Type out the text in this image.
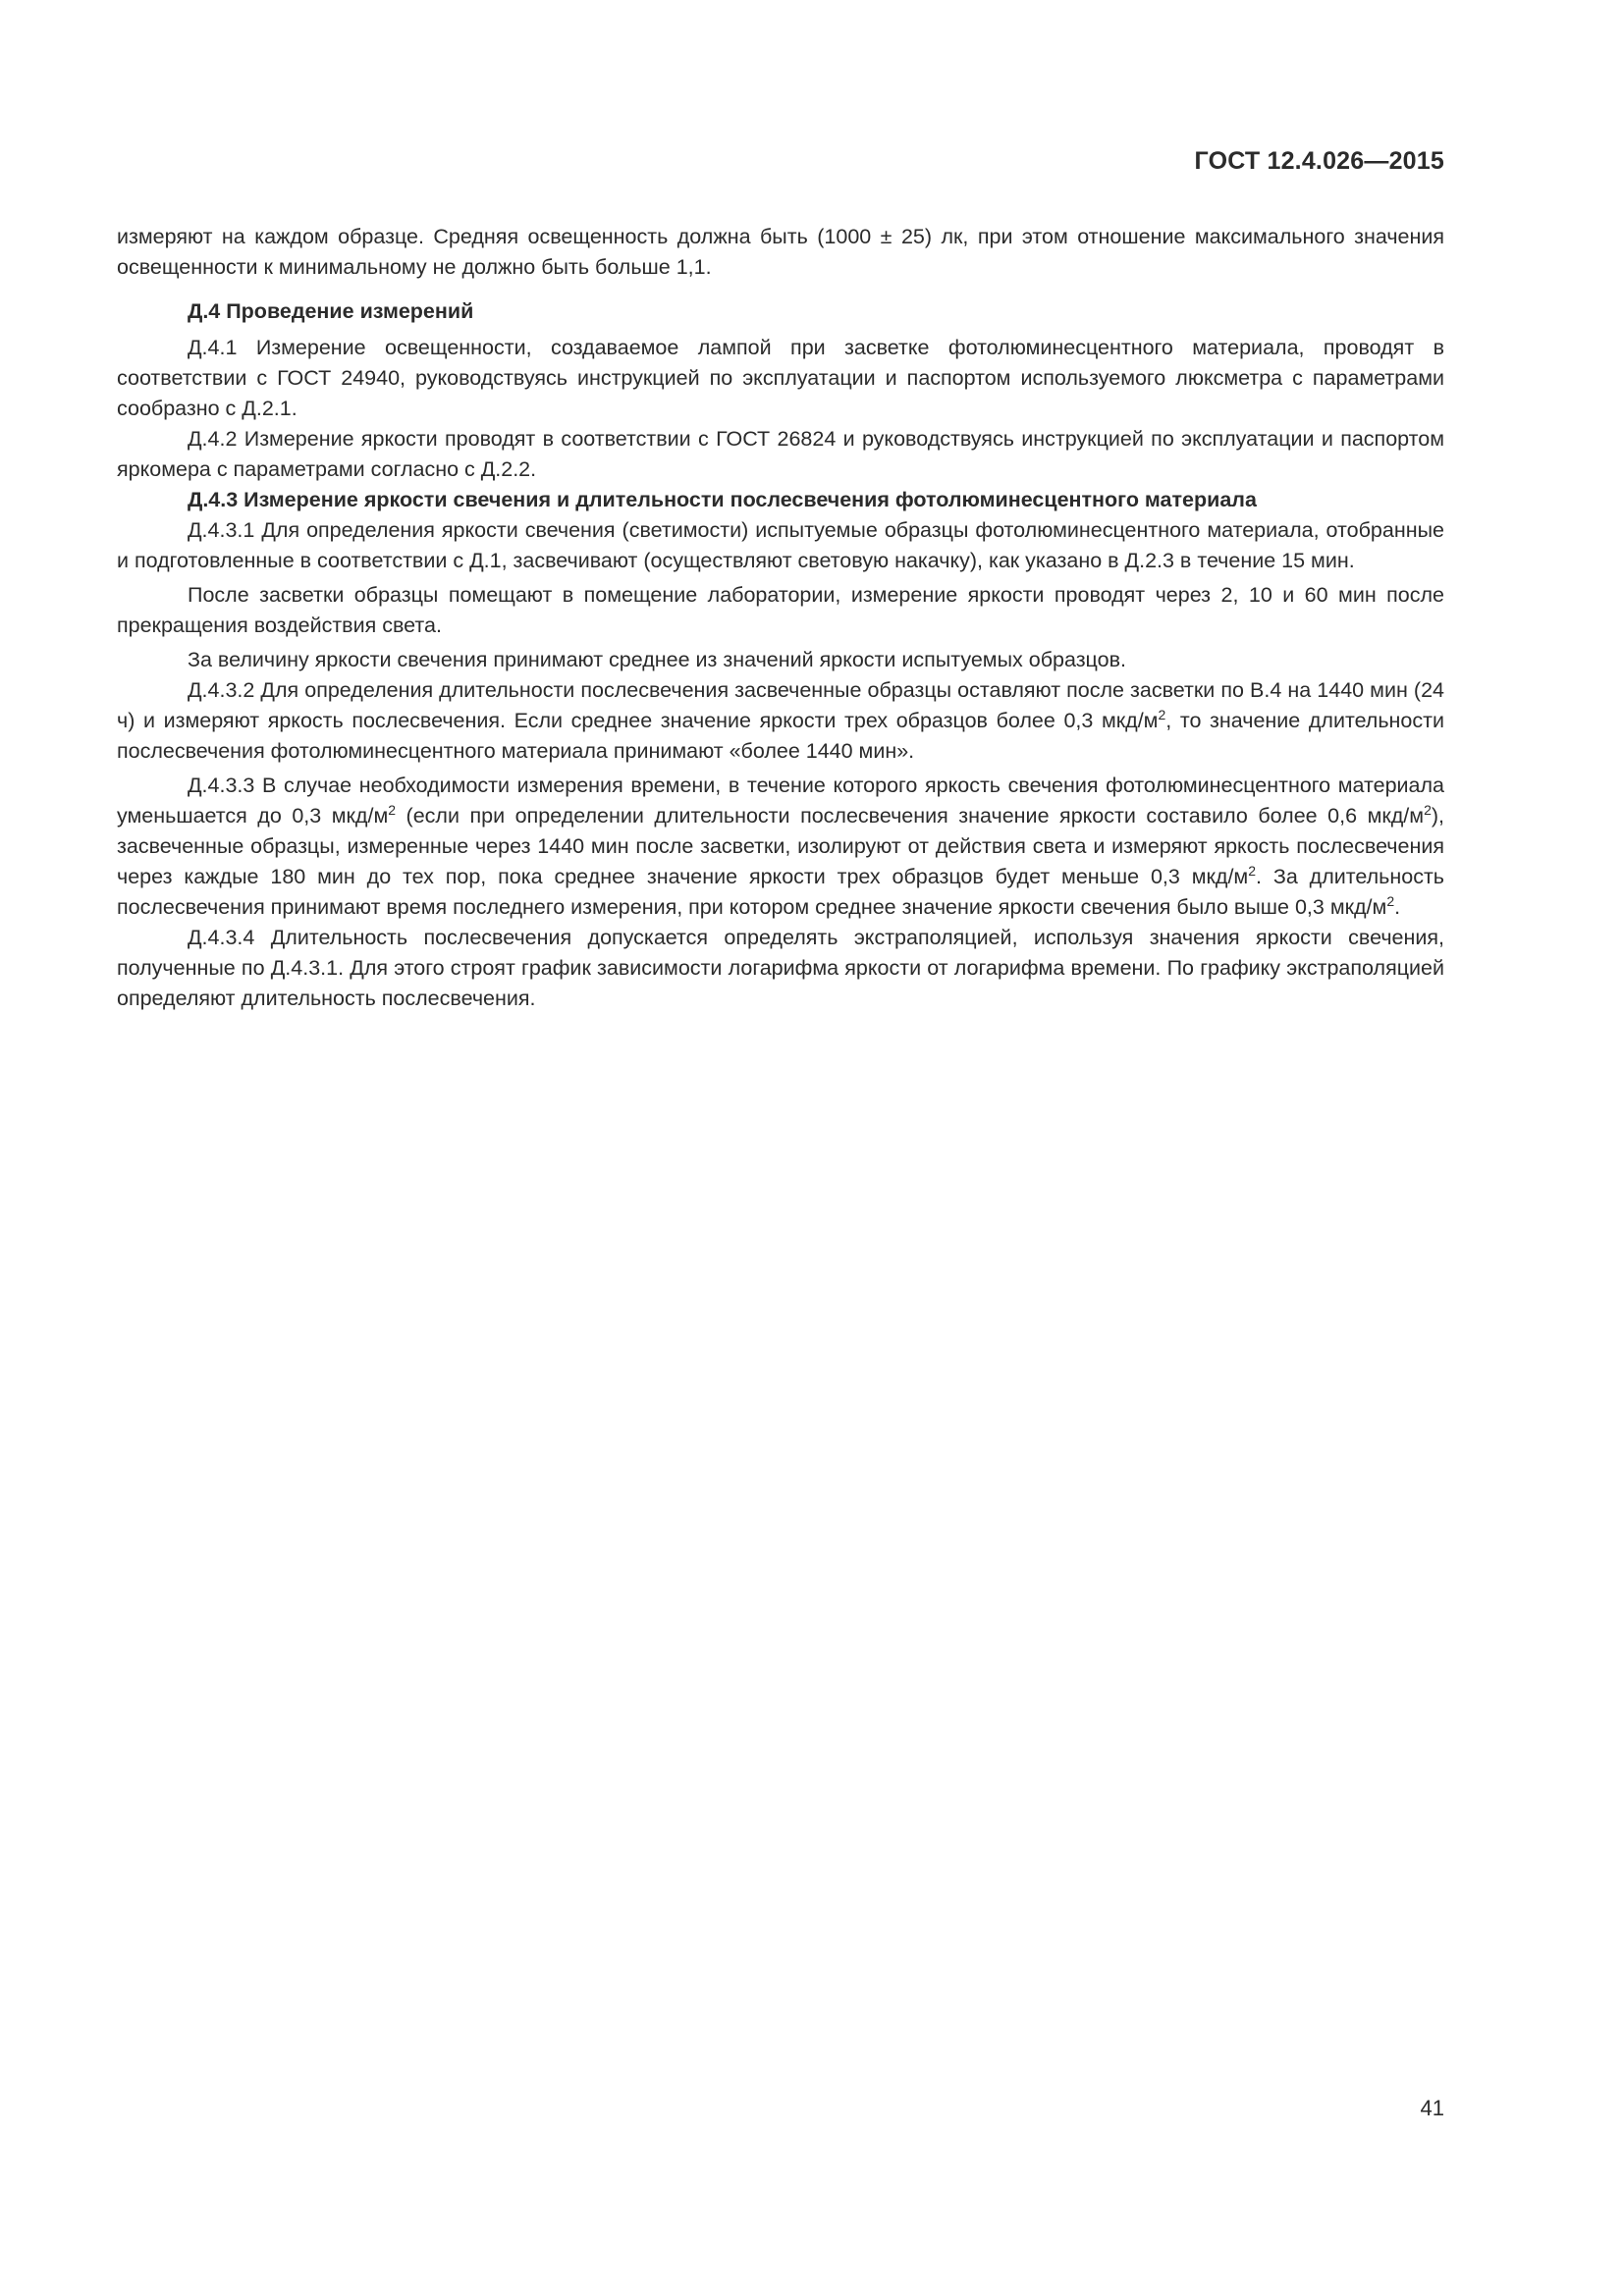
ГОСТ 12.4.026—2015

измеряют на каждом образце. Средняя освещенность должна быть (1000 ± 25) лк, при этом отношение максимального значения освещенности к минимальному не должно быть больше 1,1.

Д.4 Проведение измерений

Д.4.1 Измерение освещенности, создаваемое лампой при засветке фотолюминесцентного материала, проводят в соответствии с ГОСТ 24940, руководствуясь инструкцией по эксплуатации и паспортом используемого люксметра с параметрами сообразно с Д.2.1.

Д.4.2 Измерение яркости проводят в соответствии с ГОСТ 26824 и руководствуясь инструкцией по эксплуатации и паспортом яркомера с параметрами согласно с Д.2.2.

Д.4.3 Измерение яркости свечения и длительности послесвечения фотолюминесцентного материала

Д.4.3.1 Для определения яркости свечения (светимости) испытуемые образцы фотолюминесцентного материала, отобранные и подготовленные в соответствии с Д.1, засвечивают (осуществляют световую накачку), как указано в Д.2.3 в течение 15 мин.

После засветки образцы помещают в помещение лаборатории, измерение яркости проводят через 2, 10 и 60 мин после прекращения воздействия света.

За величину яркости свечения принимают среднее из значений яркости испытуемых образцов.

Д.4.3.2 Для определения длительности послесвечения засвеченные образцы оставляют после засветки по В.4 на 1440 мин (24 ч) и измеряют яркость послесвечения. Если среднее значение яркости трех образцов более 0,3 мкд/$м^2$, то значение длительности послесвечения фотолюминесцентного материала принимают «более 1440 мин».

Д.4.3.3 В случае необходимости измерения времени, в течение которого яркость свечения фотолюминесцентного материала уменьшается до 0,3 мкд/$м^2$ (если при определении длительности послесвечения значение яркости составило более 0,6 мкд/$м^2$), засвеченные образцы, измеренные через 1440 мин после засветки, изолируют от действия света и измеряют яркость послесвечения через каждые 180 мин до тех пор, пока среднее значение яркости трех образцов будет меньше 0,3 мкд/$м^2$. За длительность послесвечения принимают время последнего измерения, при котором среднее значение яркости свечения было выше 0,3 мкд/$м^2$.

Д.4.3.4 Длительность послесвечения допускается определять экстраполяцией, используя значения яркости свечения, полученные по Д.4.3.1. Для этого строят график зависимости логарифма яркости от логарифма времени. По графику экстраполяцией определяют длительность послесвечения.

41
